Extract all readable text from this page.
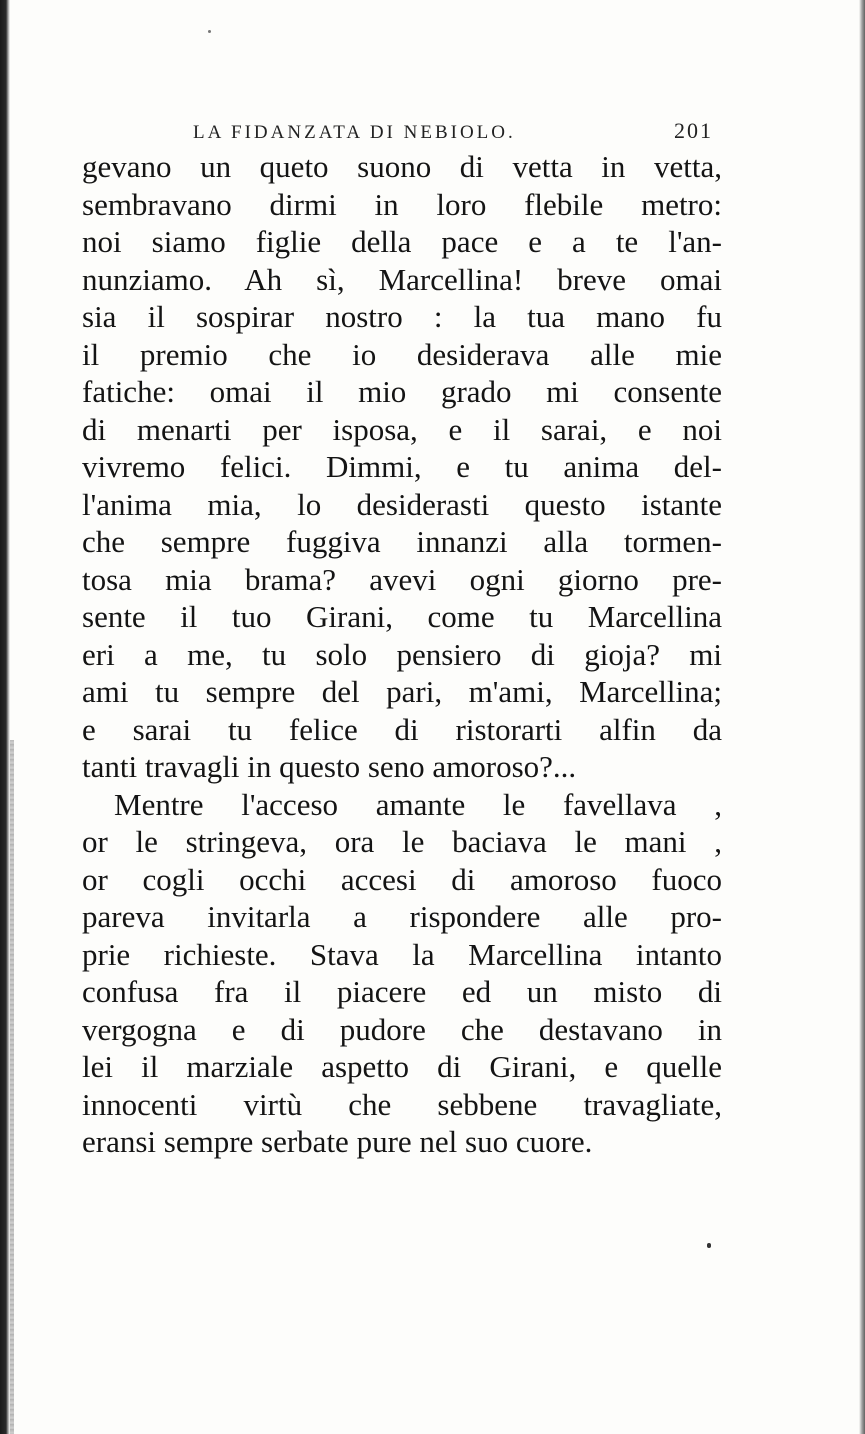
LA FIDANZATA DI NEBIOLO.	201
gevano un queto suono di vetta in vetta,
sembravano dirmi in loro flebile metro:
noi siamo figlie della pace e a te l'an-
nunziamo. Ah sì, Marcellina! breve omai
sia il sospirar nostro : la tua mano fu
il premio che io desiderava alle mie
fatiche: omai il mio grado mi consente
di menarti per isposa, e il sarai, e noi
vivremo felici. Dimmi, e tu anima del-
l'anima mia, lo desiderasti questo istante
che sempre fuggiva innanzi alla tormen-
tosa mia brama? avevi ogni giorno pre-
sente il tuo Girani, come tu Marcellina
eri a me, tu solo pensiero di gioja? mi
ami tu sempre del pari, m'ami, Marcellina;
e sarai tu felice di ristorarti alfin da
tanti travagli in questo seno amoroso?...
Mentre l'acceso amante le favellava ,
or le stringeva, ora le baciava le mani ,
or cogli occhi accesi di amoroso fuoco
pareva invitarla a rispondere alle pro-
prie richieste. Stava la Marcellina intanto
confusa fra il piacere ed un misto di
vergogna e di pudore che destavano in
lei il marziale aspetto di Girani, e quelle
innocenti virtù che sebbene travagliate,
eransi sempre serbate pure nel suo cuore.
